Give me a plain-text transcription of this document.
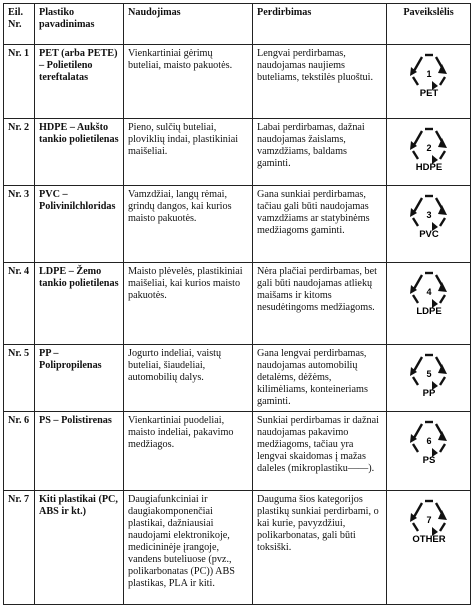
Eil. Nr.	Plastiko pavadinimas	Naudojimas	Perdirbimas	Paveikslėlis
Nr. 1	PET (arba PETE) – Polietileno tereftalatas	Vienkartiniai gėrimų buteliai, maisto pakuotės.	Lengvai perdirbamas, naudojamas naujiems buteliams, tekstilės pluoštui.	1
PET

Nr. 2	HDPE – Aukšto tankio polietilenas	Pieno, sulčių buteliai, ploviklių indai, plastikiniai maišeliai.	Labai perdirbamas, dažnai naudojamas žaislams, vamzdžiams, baldams gaminti.	2
HDPE

Nr. 3	PVC – Polivinilchloridas	Vamzdžiai, langų rėmai, grindų dangos, kai kurios maisto pakuotės.	Gana sunkiai perdirbamas, tačiau gali būti naudojamas vamzdžiams ar statybinėms medžiagoms gaminti.	3
PVC

Nr. 4	LDPE – Žemo tankio polietilenas	Maisto plėvelės, plastikiniai maišeliai, kai kurios maisto pakuotės.	Nėra plačiai perdirbamas, bet gali būti naudojamas atliekų maišams ir kitoms nesudėtingoms medžiagoms.	4
LDPE

Nr. 5	PP – Polipropilenas	Jogurto indeliai, vaistų buteliai, šiaudeliai, automobilių dalys.	Gana lengvai perdirbamas, naudojamas automobilių detalėms, dėžėms, kilimėliams, konteineriams gaminti.	5
PP

Nr. 6	PS – Polistirenas	Vienkartiniai puodeliai, maisto indeliai, pakavimo medžiagos.	Sunkiai perdirbamas ir dažnai naudojamas pakavimo medžiagoms, tačiau yra lengvai skaidomas į mažas daleles (mikroplastiku——).	6
PS

Nr. 7	Kiti plastikai (PC, ABS ir kt.)	Daugiafunkciniai ir daugiakomponenčiai plastikai, dažniausiai naudojami elektronikoje, medicininėje įrangoje, vandens buteliuose (pvz., polikarbonatas (PC)) ABS plastikas, PLA ir kiti.	Dauguma šios kategorijos plastikų sunkiai perdirbami, o kai kurie, pavyzdžiui, polikarbonatas, gali būti toksiški.	7
OTHER
